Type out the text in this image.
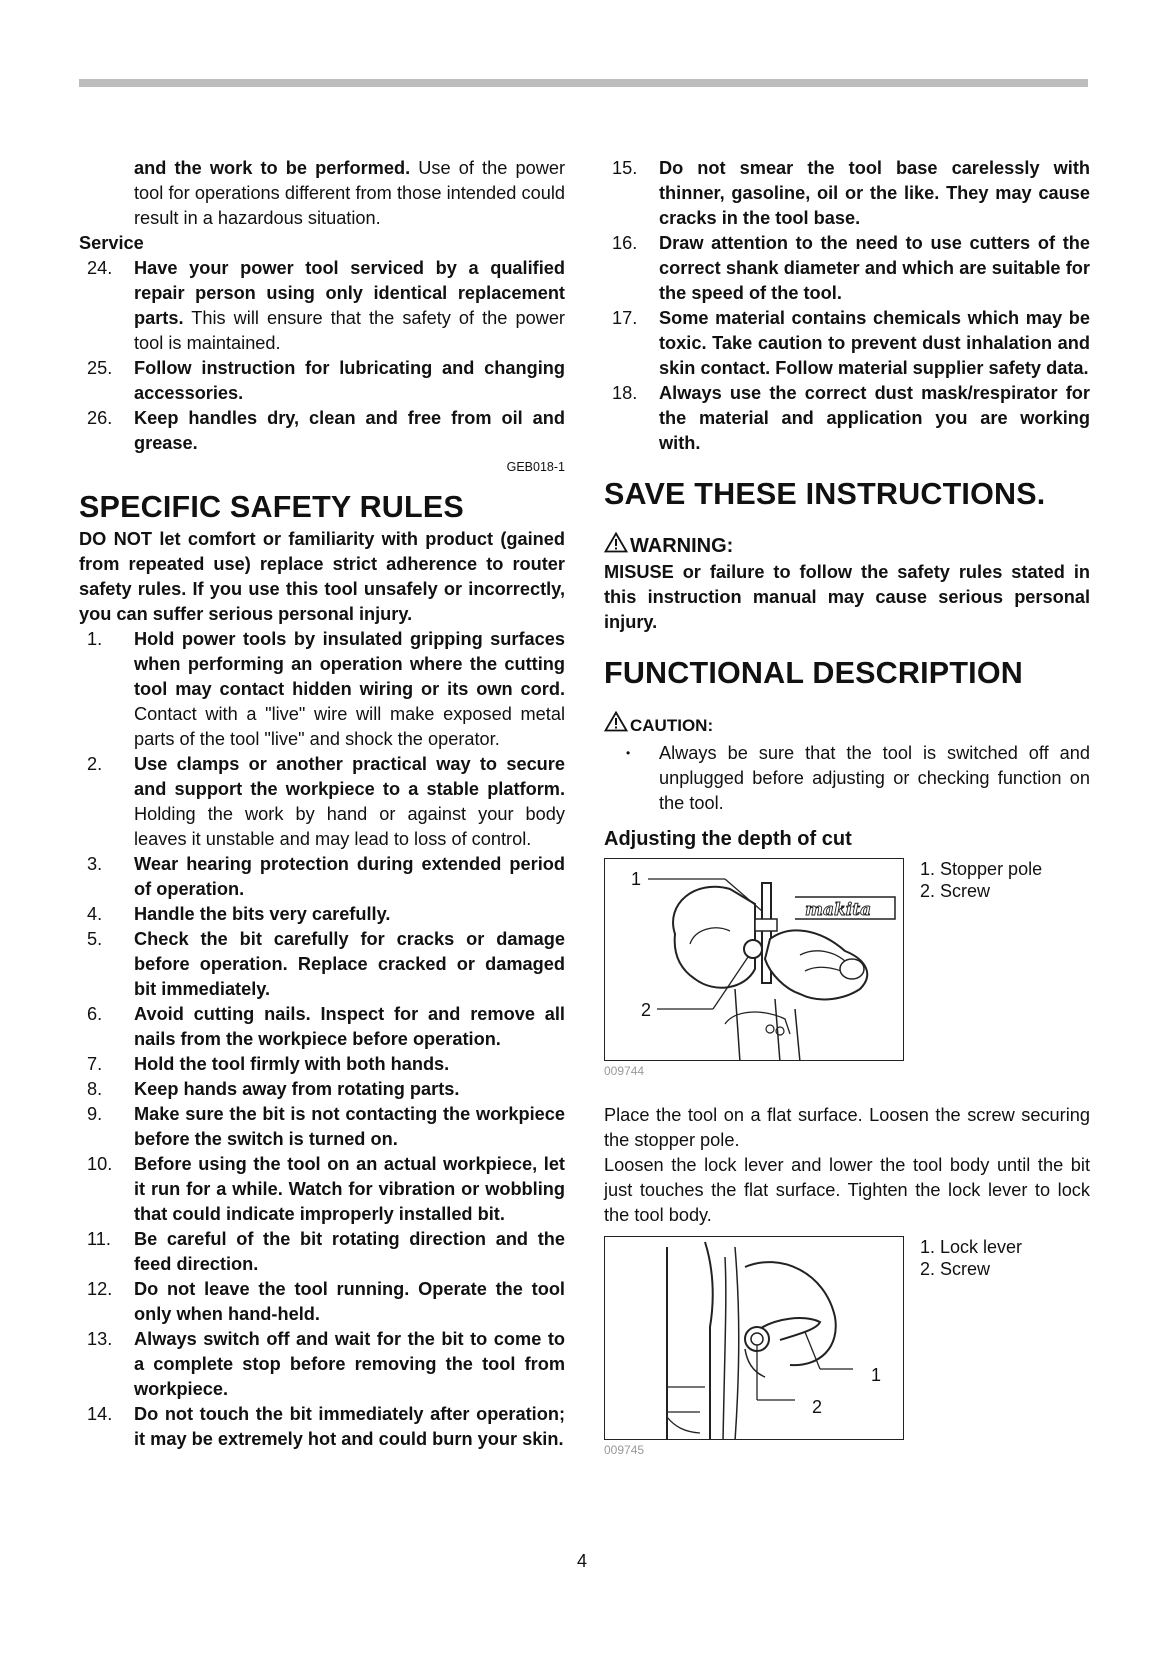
and the work to be performed. Use of the power tool for operations different from those intended could result in a hazardous situation.

Service

24.	Have your power tool serviced by a qualified repair person using only identical replacement parts. This will ensure that the safety of the power tool is maintained.
25.	Follow instruction for lubricating and changing accessories.
26.	Keep handles dry, clean and free from oil and grease.
GEB018-1
SPECIFIC SAFETY RULES

DO NOT let comfort or familiarity with product (gained from repeated use) replace strict adherence to router safety rules. If you use this tool unsafely or incorrectly, you can suffer serious personal injury.

1.	Hold power tools by insulated gripping surfaces when performing an operation where the cutting tool may contact hidden wiring or its own cord. Contact with a "live" wire will make exposed metal parts of the tool "live" and shock the operator.
2.	Use clamps or another practical way to secure and support the workpiece to a stable platform. Holding the work by hand or against your body leaves it unstable and may lead to loss of control.
3.	Wear hearing protection during extended period of operation.
4.	Handle the bits very carefully.
5.	Check the bit carefully for cracks or damage before operation. Replace cracked or damaged bit immediately.
6.	Avoid cutting nails. Inspect for and remove all nails from the workpiece before operation.
7.	Hold the tool firmly with both hands.
8.	Keep hands away from rotating parts.
9.	Make sure the bit is not contacting the workpiece before the switch is turned on.
10.	Before using the tool on an actual workpiece, let it run for a while. Watch for vibration or wobbling that could indicate improperly installed bit.
11.	Be careful of the bit rotating direction and the feed direction.
12.	Do not leave the tool running. Operate the tool only when hand-held.
13.	Always switch off and wait for the bit to come to a complete stop before removing the tool from workpiece.
14.	Do not touch the bit immediately after operation; it may be extremely hot and could burn your skin.
15.	Do not smear the tool base carelessly with thinner, gasoline, oil or the like. They may cause cracks in the tool base.
16.	Draw attention to the need to use cutters of the correct shank diameter and which are suitable for the speed of the tool.
17.	Some material contains chemicals which may be toxic. Take caution to prevent dust inhalation and skin contact. Follow material supplier safety data.
18.	Always use the correct dust mask/respirator for the material and application you are working with.
SAVE THESE INSTRUCTIONS.
WARNING:

MISUSE or failure to follow the safety rules stated in this instruction manual may cause serious personal injury.

FUNCTIONAL DESCRIPTION
CAUTION:
•	Always be sure that the tool is switched off and unplugged before adjusting or checking function on the tool.

Adjusting the depth of cut

makita
1
2
1. Stopper pole
2. Screw
009744

Place the tool on a flat surface. Loosen the screw securing the stopper pole.

Loosen the lock lever and lower the tool body until the bit just touches the flat surface. Tighten the lock lever to lock the tool body.

1
2
1. Lock lever
2. Screw
009745
4
